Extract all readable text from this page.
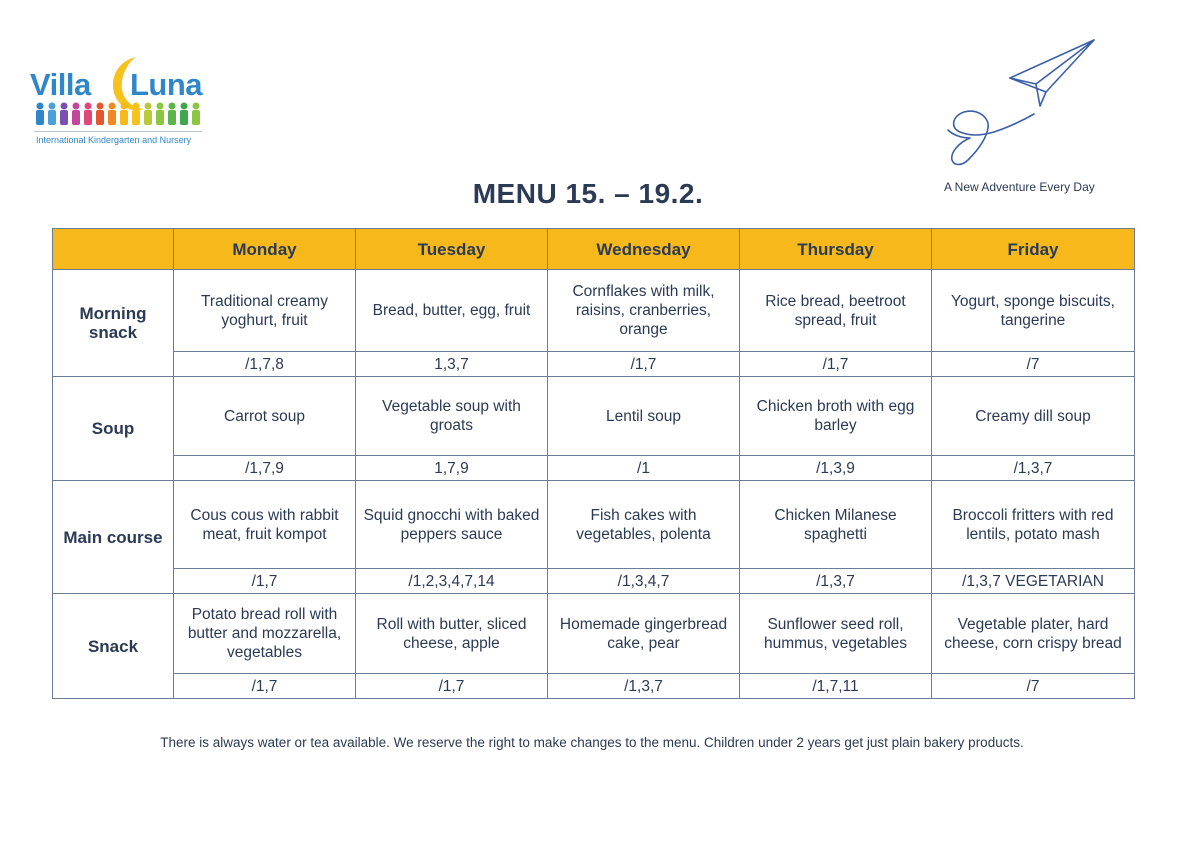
Villa Luna
International Kindergarten and Nursery
A New Adventure Every Day
MENU 15. – 19.2.
	Monday	Tuesday	Wednesday	Thursday	Friday
Morning snack	Traditional creamy yoghurt, fruit	Bread, butter, egg, fruit	Cornflakes with milk, raisins, cranberries, orange	Rice bread, beetroot spread, fruit	Yogurt, sponge biscuits, tangerine
	/1,7,8	1,3,7	/1,7	/1,7	/7
Soup	Carrot soup	Vegetable soup with groats	Lentil soup	Chicken broth with egg barley	Creamy dill soup
	/1,7,9	1,7,9	/1	/1,3,9	/1,3,7
Main course	Cous cous with rabbit meat, fruit kompot	Squid gnocchi with baked peppers sauce	Fish cakes with vegetables, polenta	Chicken Milanese spaghetti	Broccoli fritters with red lentils, potato mash
	/1,7	/1,2,3,4,7,14	/1,3,4,7	/1,3,7	/1,3,7 VEGETARIAN
Snack	Potato bread roll with butter and mozzarella, vegetables	Roll with butter, sliced cheese, apple	Homemade gingerbread cake, pear	Sunflower seed roll, hummus, vegetables	Vegetable plater, hard cheese, corn crispy bread
	/1,7	/1,7	/1,3,7	/1,7,11	/7
There is always water or tea available. We reserve the right to make changes to the menu. Children under 2 years get just plain bakery products.
